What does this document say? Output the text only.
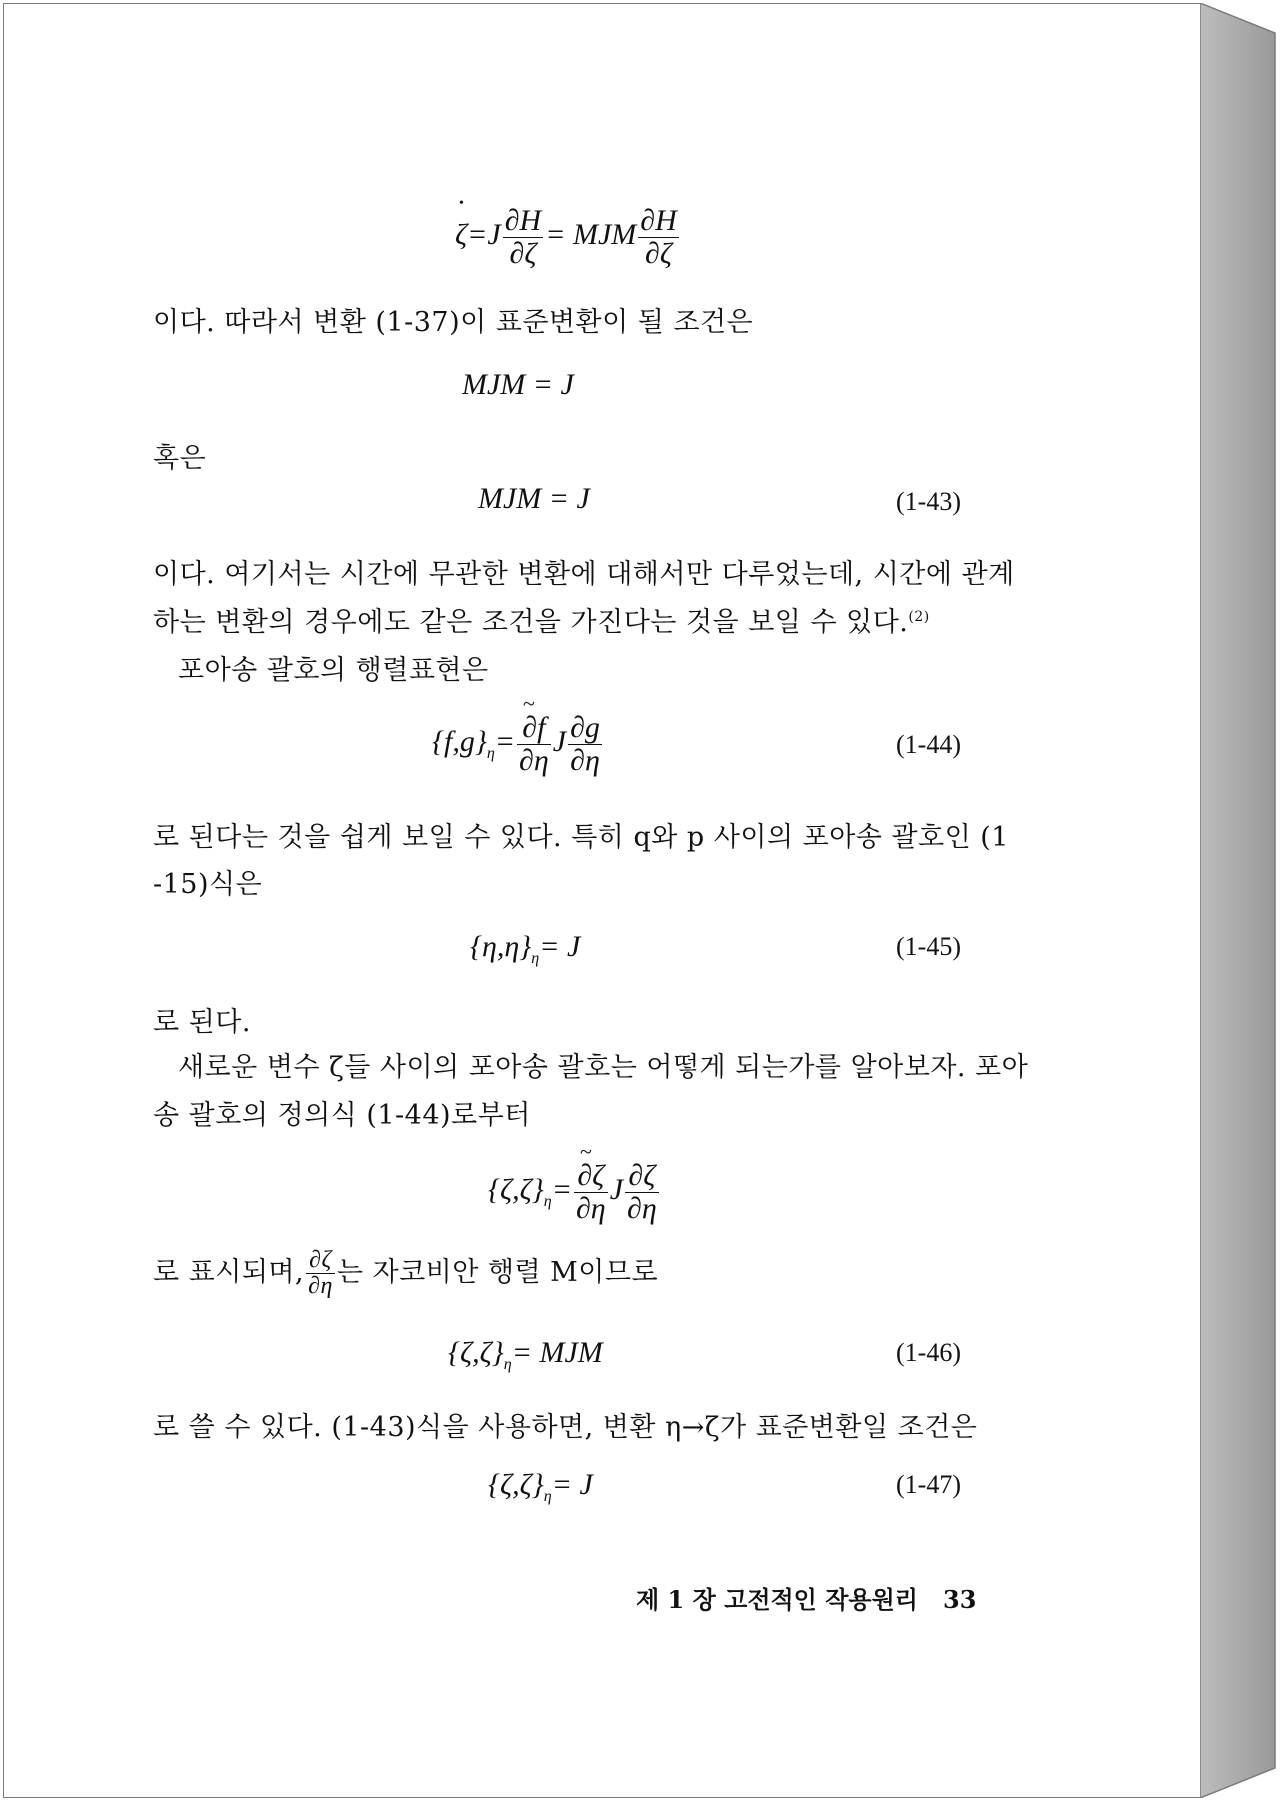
• $\zeta=J \frac{\partial H}{\partial\zeta}$ = MJM $\frac{\partial H}{\partial\zeta}$
이다. 따라서 변환 (1-37)이 표준변환이 될 조건은
MJM = J
혹은
MJM = J	(1-43)
이다. 여기서는 시간에 무관한 변환에 대해서만 다루었는데, 시간에 관계
하는 변환의 경우에도 같은 조건을 가진다는 것을 보일 수 있다.$^{(2)}$
포아송 괄호의 행렬표현은
$\{f,g\}_\eta=$ ~ $\frac{\partial f}{\partial\eta}$ J $\frac{\partial g}{\partial\eta}$	(1-44)
로 된다는 것을 쉽게 보일 수 있다. 특히 q와 p 사이의 포아송 괄호인 (1
-15)식은
$\{\eta,\eta\}_\eta= J$	(1-45)
로 된다.
새로운 변수 ζ들 사이의 포아송 괄호는 어떻게 되는가를 알아보자. 포아
송 괄호의 정의식 (1-44)로부터
$\{\zeta,\zeta\}_\eta=$ ~ $\frac{\partial\zeta}{\partial\eta}$ J $\frac{\partial\zeta}{\partial\eta}$
로 표시되며, $\frac{\partial\zeta}{\partial\eta}$ 는 자코비안 행렬 M이므로
$\{\zeta,\zeta\}_\eta=$ MJM	(1-46)
로 쓸 수 있다. (1-43)식을 사용하면, 변환 η→ζ가 표준변환일 조건은
$\{\zeta,\zeta\}_\eta= J$	(1-47)
제 1 장 고전적인 작용원리 33
